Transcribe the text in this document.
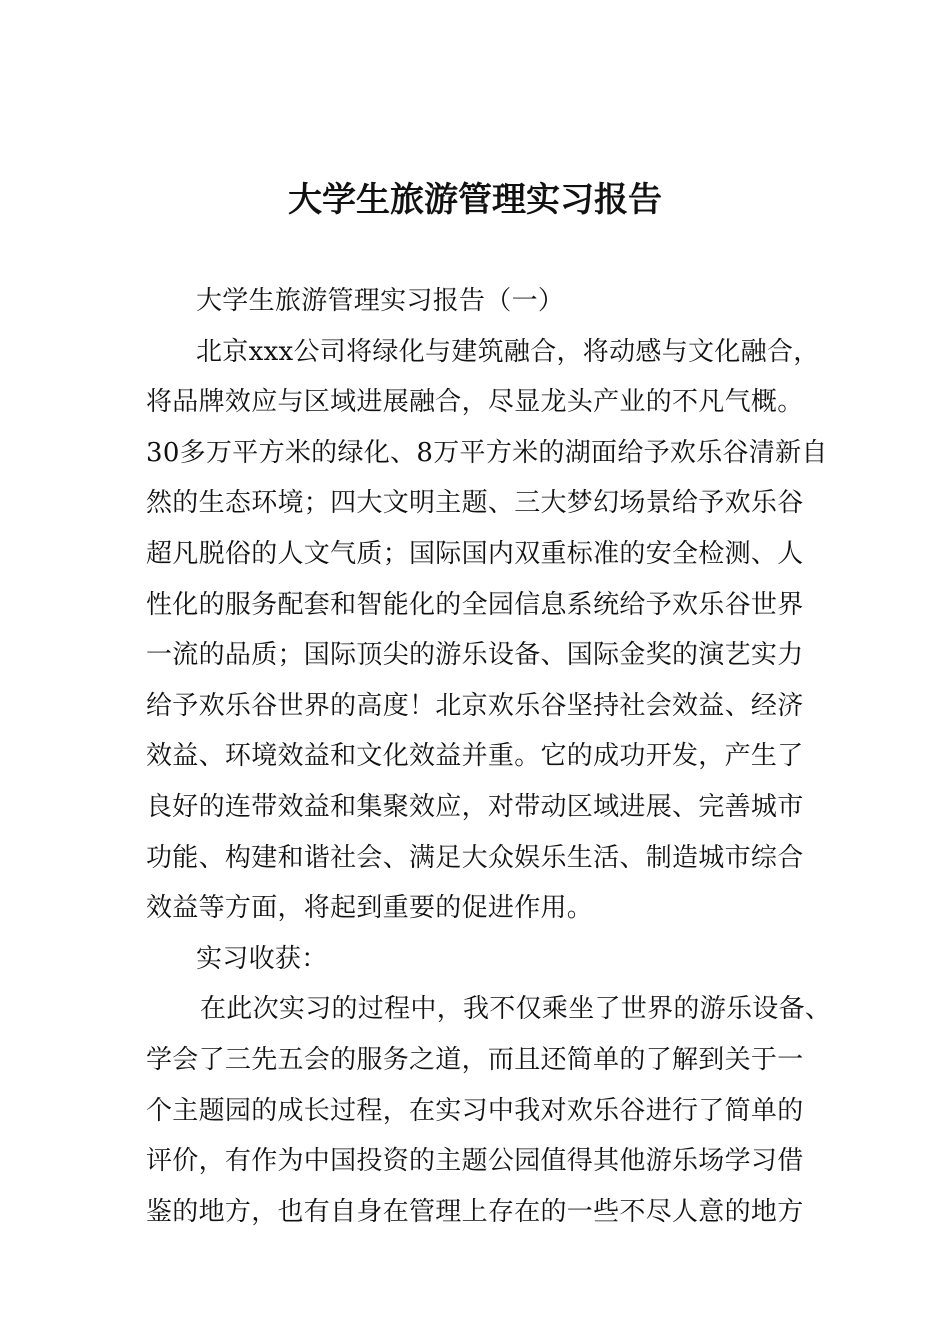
大学生旅游管理实习报告
大学生旅游管理实习报告（一）
北京xxx公司将绿化与建筑融合，将动感与文化融合，
将品牌效应与区域进展融合，尽显龙头产业的不凡气概。
30多万平方米的绿化、8万平方米的湖面给予欢乐谷清新自
然的生态环境；四大文明主题、三大梦幻场景给予欢乐谷
超凡脱俗的人文气质；国际国内双重标准的安全检测、人
性化的服务配套和智能化的全园信息系统给予欢乐谷世界
一流的品质；国际顶尖的游乐设备、国际金奖的演艺实力
给予欢乐谷世界的高度！北京欢乐谷坚持社会效益、经济
效益、环境效益和文化效益并重。它的成功开发，产生了
良好的连带效益和集聚效应，对带动区域进展、完善城市
功能、构建和谐社会、满足大众娱乐生活、制造城市综合
效益等方面，将起到重要的促进作用。
实习收获：
在此次实习的过程中，我不仅乘坐了世界的游乐设备、
学会了三先五会的服务之道，而且还简单的了解到关于一
个主题园的成长过程，在实习中我对欢乐谷进行了简单的
评价，有作为中国投资的主题公园值得其他游乐场学习借
鉴的地方，也有自身在管理上存在的一些不尽人意的地方
